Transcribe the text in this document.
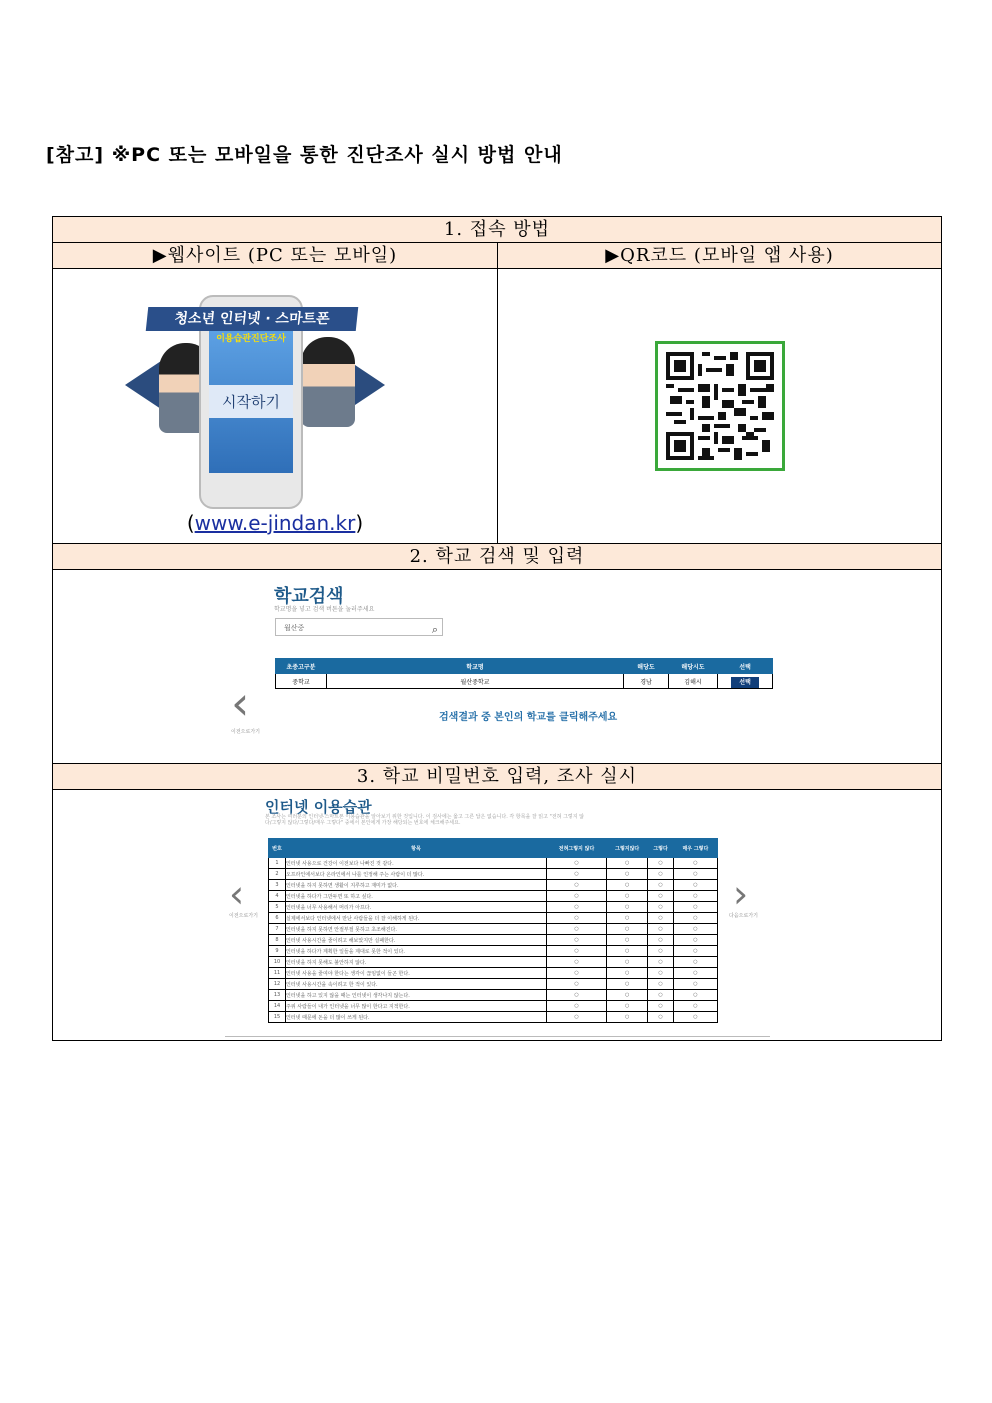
[참고] ※PC 또는 모바일을 통한 진단조사 실시 방법 안내
1. 접속 방법
▶웹사이트 (PC 또는 모바일)	▶QR코드 (모바일 앱 사용)

이용습관진단조사
시작하기
청소년 인터넷 · 스마트폰
(www.e-jindan.kr)

2. 학교 검색 및 입력

학교검색
학교명을 넣고 검색 버튼을 눌러주세요
월산중	⌕
초중고구분	학교명	해당도	해당시도	선택
중학교	월산중학교	경남	김해시	선택
‹
이전으로가기
검색결과 중 본인의 학교를 클릭해주세요

3. 학교 비밀번호 입력, 조사 실시

인터넷 이용습관
본 조사는 여러분의 인터넷·스마트폰 이용습관을 알아보기 위한 것입니다. 이 검사에는 옳고 그른 답은 없습니다. 각 항목을 잘 읽고 "전혀 그렇지 않다/그렇지 않다/그렇다/매우 그렇다" 중에서 본인에게 가장 해당되는 번호에 체크해주세요.
번호	항목	전혀그렇지 않다	그렇지않다	그렇다	매우 그렇다
1	인터넷 사용으로 건강이 이전보다 나빠진 것 같다.	○	○	○	○
2	오프라인에서보다 온라인에서 나를 인정해 주는 사람이 더 많다.	○	○	○	○
3	인터넷을 하지 못하면 생활이 지루하고 재미가 없다.	○	○	○	○
4	인터넷을 하다가 그만두면 또 하고 싶다.	○	○	○	○
5	인터넷을 너무 사용해서 머리가 아프다.	○	○	○	○
6	실제에서보다 인터넷에서 만난 사람들을 더 잘 이해하게 된다.	○	○	○	○
7	인터넷을 하지 못하면 안절부절 못하고 초조해진다.	○	○	○	○
8	인터넷 사용시간을 줄이려고 해보았지만 실패한다.	○	○	○	○
9	인터넷을 하다가 계획한 일들을 제대로 못한 적이 있다.	○	○	○	○
10	인터넷을 하지 못해도 불안하지 않다.	○	○	○	○
11	인터넷 사용을 줄여야 한다는 생각이 끊임없이 들곤 한다.	○	○	○	○
12	인터넷 사용시간을 속이려고 한 적이 있다.	○	○	○	○
13	인터넷을 하고 있지 않을 때는 인터넷이 생각나지 않는다.	○	○	○	○
14	주위 사람들이 내가 인터넷을 너무 많이 한다고 지적한다.	○	○	○	○
15	인터넷 때문에 돈을 더 많이 쓰게 된다.	○	○	○	○
‹
이전으로가기	›
다음으로가기
